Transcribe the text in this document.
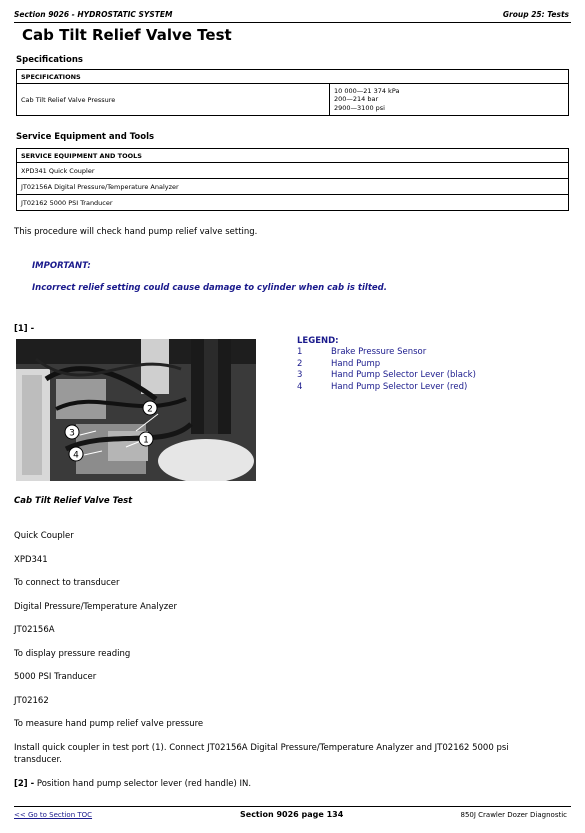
Section 9026 - HYDROSTATIC SYSTEM	Group 25: Tests
Cab Tilt Relief Valve Test
Specifications
SPECIFICATIONS
Cab Tilt Relief Valve Pressure	
10 000—21 374 kPa
200—214 bar
2900—3100 psi
Service Equipment and Tools
SERVICE EQUIPMENT AND TOOLS
XPD341 Quick Coupler
JT02156A Digital Pressure/Temperature Analyzer
JT02162 5000 PSI Tranducer
This procedure will check hand pump relief valve setting.
IMPORTANT:
Incorrect relief setting could cause damage to cylinder when cab is tilted.
[1] -
2
1
3
4
LEGEND:
1	Brake Pressure Sensor
2	Hand Pump
3	Hand Pump Selector Lever (black)
4	Hand Pump Selector Lever (red)
Cab Tilt Relief Valve Test
Quick Coupler
XPD341
To connect to transducer
Digital Pressure/Temperature Analyzer
JT02156A
To display pressure reading
5000 PSI Tranducer
JT02162
To measure hand pump relief valve pressure
Install quick coupler in test port (1). Connect JT02156A Digital Pressure/Temperature Analyzer and JT02162 5000 psi transducer.
[2] - Position hand pump selector lever (red handle) IN.
<< Go to Section TOC	Section 9026 page 134	850J Crawler Dozer Diagnostic
